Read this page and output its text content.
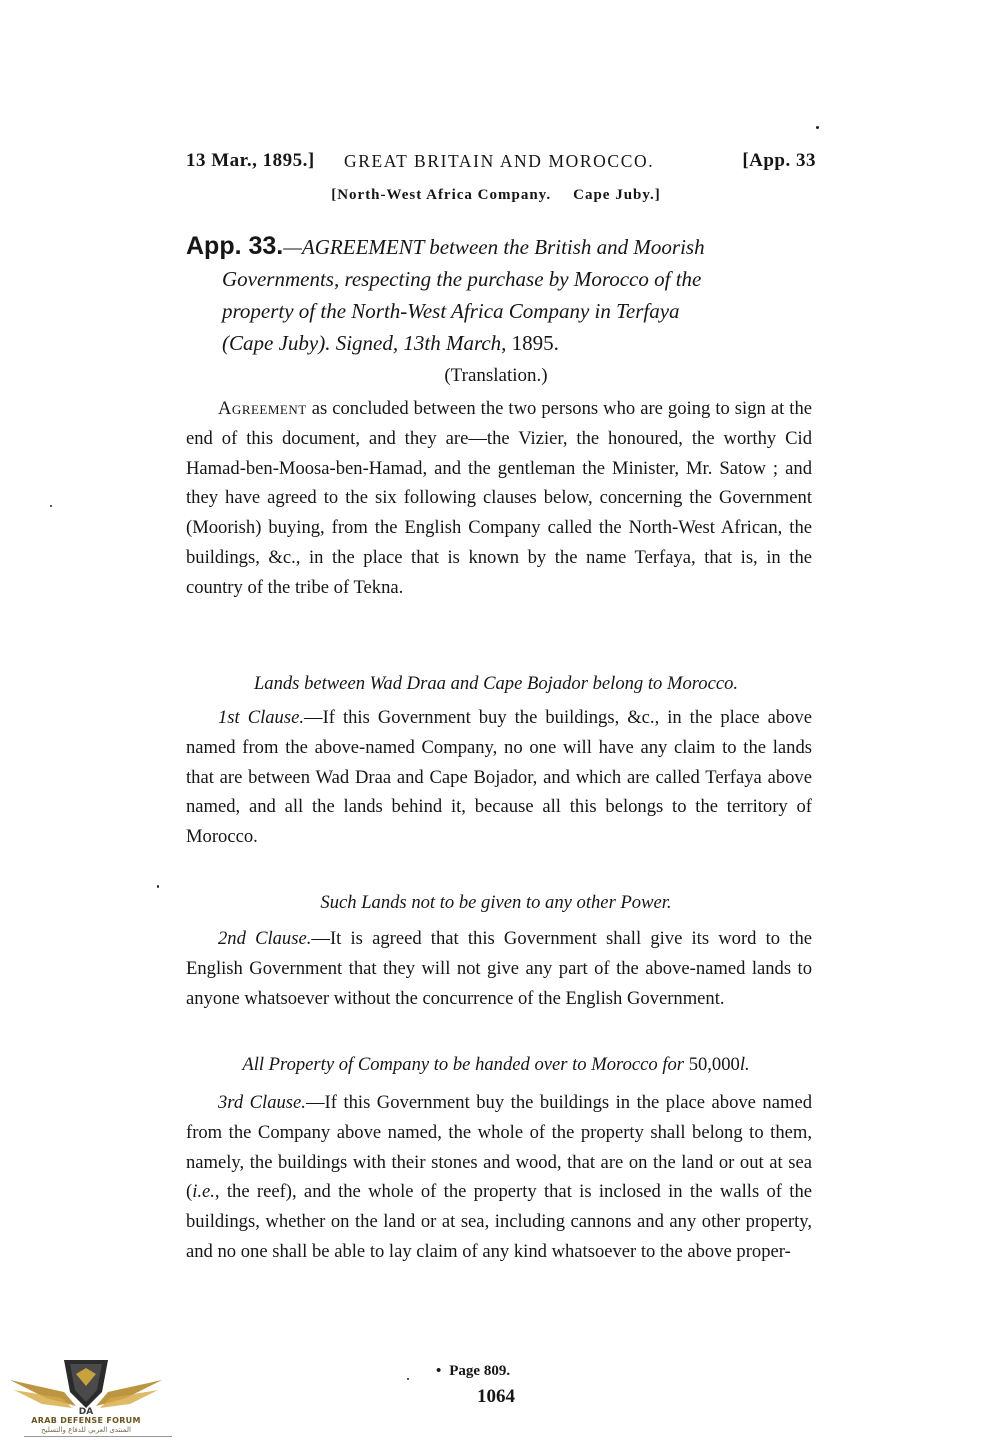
13 Mar., 1895.] GREAT BRITAIN AND MOROCCO.	[App. 33
[North-West Africa Company. Cape Juby.]
App. 33.—AGREEMENT between the British and Moorish
Governments, respecting the purchase by Morocco of the
property of the North-West Africa Company in Terfaya
(Cape Juby). Signed, 13th March, 1895.
(Translation.)
Agreement as concluded between the two persons who are going to sign at the end of this document, and they are—the Vizier, the honoured, the worthy Cid Hamad-ben-Moosa-ben-Hamad, and the gentleman the Minister, Mr. Satow ; and they have agreed to the six following clauses below, concerning the Government (Moorish) buying, from the English Company called the North-West African, the buildings, &c., in the place that is known by the name Terfaya, that is, in the country of the tribe of Tekna.
Lands between Wad Draa and Cape Bojador belong to Morocco.
1st Clause.—If this Government buy the buildings, &c., in the place above named from the above-named Company, no one will have any claim to the lands that are between Wad Draa and Cape Bojador, and which are called Terfaya above named, and all the lands behind it, because all this belongs to the territory of Morocco.
Such Lands not to be given to any other Power.
2nd Clause.—It is agreed that this Government shall give its word to the English Government that they will not give any part of the above-named lands to anyone whatsoever without the concurrence of the English Government.
All Property of Company to be handed over to Morocco for 50,000l.
3rd Clause.—If this Government buy the buildings in the place above named from the Company above named, the whole of the property shall belong to them, namely, the buildings with their stones and wood, that are on the land or out at sea (i.e., the reef), and the whole of the property that is inclosed in the walls of the buildings, whether on the land or at sea, including cannons and any other property, and no one shall be able to lay claim of any kind whatsoever to the above proper-
• Page 809.
1064
DA
ARAB DEFENSE FORUM
المنتدى العربي للدفاع والتسليح
